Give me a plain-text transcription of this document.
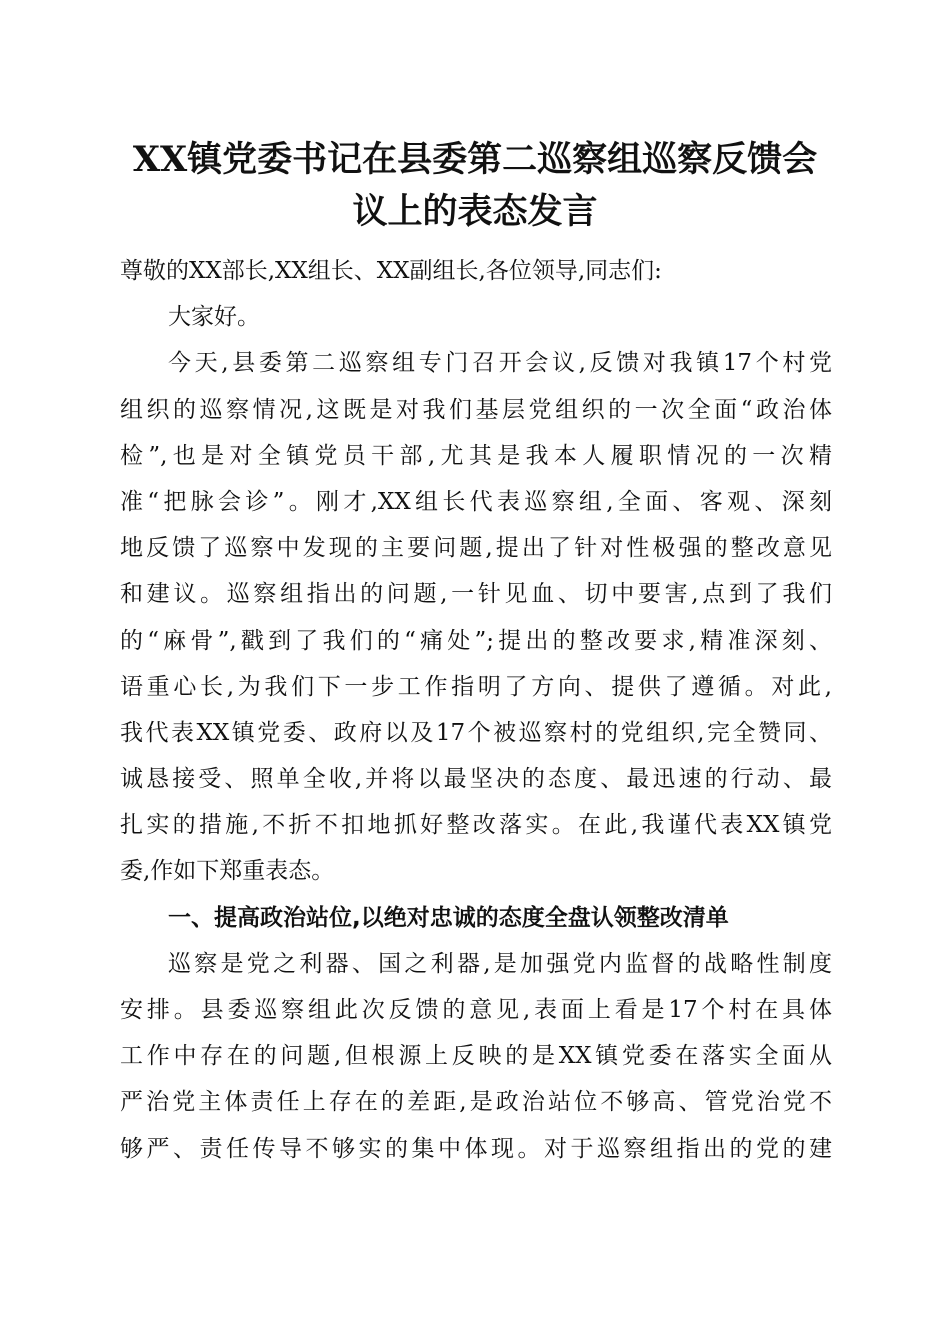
XX镇党委书记在县委第二巡察组巡察反馈会
议上的表态发言
尊敬的XX部长,XX组长、XX副组长,各位领导,同志们:
大家好。
今天,县委第二巡察组专门召开会议,反馈对我镇17个村党
组织的巡察情况,这既是对我们基层党组织的一次全面“政治体
检”,也是对全镇党员干部,尤其是我本人履职情况的一次精
准“把脉会诊”。刚才,XX组长代表巡察组,全面、客观、深刻
地反馈了巡察中发现的主要问题,提出了针对性极强的整改意见
和建议。巡察组指出的问题,一针见血、切中要害,点到了我们
的“麻骨”,戳到了我们的“痛处”;提出的整改要求,精准深刻、
语重心长,为我们下一步工作指明了方向、提供了遵循。对此,
我代表XX镇党委、政府以及17个被巡察村的党组织,完全赞同、
诚恳接受、照单全收,并将以最坚决的态度、最迅速的行动、最
扎实的措施,不折不扣地抓好整改落实。在此,我谨代表XX镇党
委,作如下郑重表态。
一、提高政治站位,以绝对忠诚的态度全盘认领整改清单
巡察是党之利器、国之利器,是加强党内监督的战略性制度
安排。县委巡察组此次反馈的意见,表面上看是17个村在具体
工作中存在的问题,但根源上反映的是XX镇党委在落实全面从
严治党主体责任上存在的差距,是政治站位不够高、管党治党不
够严、责任传导不够实的集中体现。对于巡察组指出的党的建
